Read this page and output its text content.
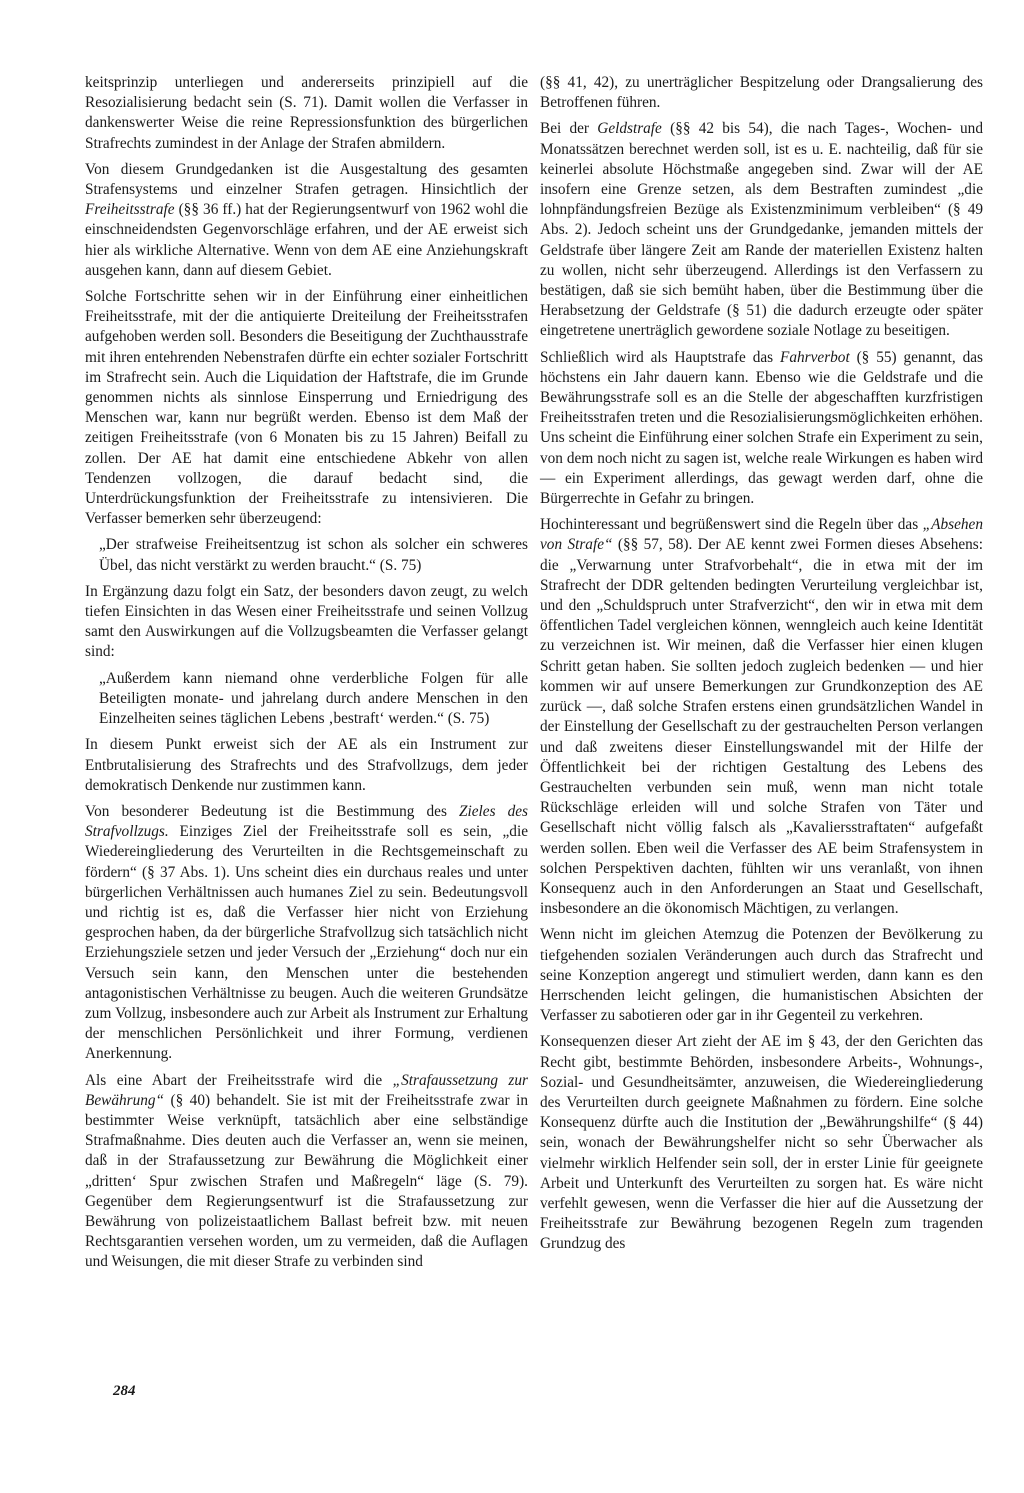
keitsprinzip unterliegen und andererseits prinzipiell auf die Resozialisierung bedacht sein (S. 71). Damit wollen die Verfasser in dankenswerter Weise die reine Repressionsfunktion des bürgerlichen Strafrechts zumindest in der Anlage der Strafen abmildern.

Von diesem Grundgedanken ist die Ausgestaltung des gesamten Strafensystems und einzelner Strafen getragen. Hinsichtlich der Freiheitsstrafe (§§ 36 ff.) hat der Regierungsentwurf von 1962 wohl die einschneidendsten Gegenvorschläge erfahren, und der AE erweist sich hier als wirkliche Alternative. Wenn von dem AE eine Anziehungskraft ausgehen kann, dann auf diesem Gebiet.

Solche Fortschritte sehen wir in der Einführung einer einheitlichen Freiheitsstrafe, mit der die antiquierte Dreiteilung der Freiheitsstrafen aufgehoben werden soll. Besonders die Beseitigung der Zuchthausstrafe mit ihren entehrenden Nebenstrafen dürfte ein echter sozialer Fortschritt im Strafrecht sein. Auch die Liquidation der Haftstrafe, die im Grunde genommen nichts als sinnlose Einsperrung und Erniedrigung des Menschen war, kann nur begrüßt werden. Ebenso ist dem Maß der zeitigen Freiheitsstrafe (von 6 Monaten bis zu 15 Jahren) Beifall zu zollen. Der AE hat damit eine entschiedene Abkehr von allen Tendenzen vollzogen, die darauf bedacht sind, die Unterdrückungsfunktion der Freiheitsstrafe zu intensivieren. Die Verfasser bemerken sehr überzeugend:

„Der strafweise Freiheitsentzug ist schon als solcher ein schweres Übel, das nicht verstärkt zu werden braucht.“ (S. 75)

In Ergänzung dazu folgt ein Satz, der besonders davon zeugt, zu welch tiefen Einsichten in das Wesen einer Freiheitsstrafe und seinen Vollzug samt den Auswirkungen auf die Vollzugsbeamten die Verfasser gelangt sind:

„Außerdem kann niemand ohne verderbliche Folgen für alle Beteiligten monate- und jahrelang durch andere Menschen in den Einzelheiten seines täglichen Lebens ‚bestraft‘ werden.“ (S. 75)

In diesem Punkt erweist sich der AE als ein Instrument zur Entbrutalisierung des Strafrechts und des Strafvollzugs, dem jeder demokratisch Denkende nur zustimmen kann.

Von besonderer Bedeutung ist die Bestimmung des Zieles des Strafvollzugs. Einziges Ziel der Freiheitsstrafe soll es sein, „die Wiedereingliederung des Verurteilten in die Rechtsgemeinschaft zu fördern“ (§ 37 Abs. 1). Uns scheint dies ein durchaus reales und unter bürgerlichen Verhältnissen auch humanes Ziel zu sein. Bedeutungsvoll und richtig ist es, daß die Verfasser hier nicht von Erziehung gesprochen haben, da der bürgerliche Strafvollzug sich tatsächlich nicht Erziehungsziele setzen und jeder Versuch der „Erziehung“ doch nur ein Versuch sein kann, den Menschen unter die bestehenden antagonistischen Verhältnisse zu beugen. Auch die weiteren Grundsätze zum Vollzug, insbesondere auch zur Arbeit als Instrument zur Erhaltung der menschlichen Persönlichkeit und ihrer Formung, verdienen Anerkennung.

Als eine Abart der Freiheitsstrafe wird die „Strafaussetzung zur Bewährung“ (§ 40) behandelt. Sie ist mit der Freiheitsstrafe zwar in bestimmter Weise verknüpft, tatsächlich aber eine selbständige Strafmaßnahme. Dies deuten auch die Verfasser an, wenn sie meinen, daß in der Strafaussetzung zur Bewährung die Möglichkeit einer „dritten‘ Spur zwischen Strafen und Maßregeln“ läge (S. 79). Gegenüber dem Regierungsentwurf ist die Strafaussetzung zur Bewährung von polizeistaatlichem Ballast befreit bzw. mit neuen Rechtsgarantien versehen worden, um zu vermeiden, daß die Auflagen und Weisungen, die mit dieser Strafe zu verbinden sind

(§§ 41, 42), zu unerträglicher Bespitzelung oder Drangsalierung des Betroffenen führen.

Bei der Geldstrafe (§§ 42 bis 54), die nach Tages-, Wochen- und Monatssätzen berechnet werden soll, ist es u. E. nachteilig, daß für sie keinerlei absolute Höchstmaße angegeben sind. Zwar will der AE insofern eine Grenze setzen, als dem Bestraften zumindest „die lohnpfändungsfreien Bezüge als Existenzminimum verbleiben“ (§ 49 Abs. 2). Jedoch scheint uns der Grundgedanke, jemanden mittels der Geldstrafe über längere Zeit am Rande der materiellen Existenz halten zu wollen, nicht sehr überzeugend. Allerdings ist den Verfassern zu bestätigen, daß sie sich bemüht haben, über die Bestimmung über die Herabsetzung der Geldstrafe (§ 51) die dadurch erzeugte oder später eingetretene unerträglich gewordene soziale Notlage zu beseitigen.

Schließlich wird als Hauptstrafe das Fahrverbot (§ 55) genannt, das höchstens ein Jahr dauern kann. Ebenso wie die Geldstrafe und die Bewährungsstrafe soll es an die Stelle der abgeschafften kurzfristigen Freiheitsstrafen treten und die Resozialisierungsmöglichkeiten erhöhen. Uns scheint die Einführung einer solchen Strafe ein Experiment zu sein, von dem noch nicht zu sagen ist, welche reale Wirkungen es haben wird — ein Experiment allerdings, das gewagt werden darf, ohne die Bürgerrechte in Gefahr zu bringen.

Hochinteressant und begrüßenswert sind die Regeln über das „Absehen von Strafe“ (§§ 57, 58). Der AE kennt zwei Formen dieses Absehens: die „Verwarnung unter Strafvorbehalt“, die in etwa mit der im Strafrecht der DDR geltenden bedingten Verurteilung vergleichbar ist, und den „Schuldspruch unter Strafverzicht“, den wir in etwa mit dem öffentlichen Tadel vergleichen können, wenngleich auch keine Identität zu verzeichnen ist. Wir meinen, daß die Verfasser hier einen klugen Schritt getan haben. Sie sollten jedoch zugleich bedenken — und hier kommen wir auf unsere Bemerkungen zur Grundkonzeption des AE zurück —, daß solche Strafen erstens einen grundsätzlichen Wandel in der Einstellung der Gesellschaft zu der gestrauchelten Person verlangen und daß zweitens dieser Einstellungswandel mit der Hilfe der Öffentlichkeit bei der richtigen Gestaltung des Lebens des Gestrauchelten verbunden sein muß, wenn man nicht totale Rückschläge erleiden will und solche Strafen von Täter und Gesellschaft nicht völlig falsch als „Kavaliersstraftaten“ aufgefaßt werden sollen. Eben weil die Verfasser des AE beim Strafensystem in solchen Perspektiven dachten, fühlten wir uns veranlaßt, von ihnen Konsequenz auch in den Anforderungen an Staat und Gesellschaft, insbesondere an die ökonomisch Mächtigen, zu verlangen.

Wenn nicht im gleichen Atemzug die Potenzen der Bevölkerung zu tiefgehenden sozialen Veränderungen auch durch das Strafrecht und seine Konzeption angeregt und stimuliert werden, dann kann es den Herrschenden leicht gelingen, die humanistischen Absichten der Verfasser zu sabotieren oder gar in ihr Gegenteil zu verkehren.

Konsequenzen dieser Art zieht der AE im § 43, der den Gerichten das Recht gibt, bestimmte Behörden, insbesondere Arbeits-, Wohnungs-, Sozial- und Gesundheitsämter, anzuweisen, die Wiedereingliederung des Verurteilten durch geeignete Maßnahmen zu fördern. Eine solche Konsequenz dürfte auch die Institution der „Bewährungshilfe“ (§ 44) sein, wonach der Bewährungshelfer nicht so sehr Überwacher als vielmehr wirklich Helfender sein soll, der in erster Linie für geeignete Arbeit und Unterkunft des Verurteilten zu sorgen hat. Es wäre nicht verfehlt gewesen, wenn die Verfasser die hier auf die Aussetzung der Freiheitsstrafe zur Bewährung bezogenen Regeln zum tragenden Grundzug des

284
